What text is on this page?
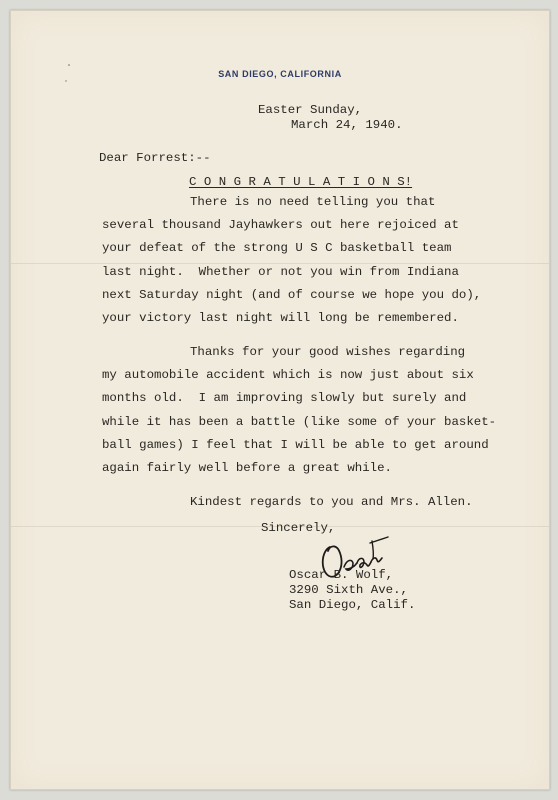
SAN DIEGO, CALIFORNIA
Easter Sunday,
March 24, 1940.
Dear Forrest:--
C O N G R A T U L A T I O N S!
There is no need telling you that
several thousand Jayhawkers out here rejoiced at
your defeat of the strong U S C basketball team
last night.  Whether or not you win from Indiana
next Saturday night (and of course we hope you do),
your victory last night will long be remembered.
Thanks for your good wishes regarding
my automobile accident which is now just about six
months old.  I am improving slowly but surely and
while it has been a battle (like some of your basket-
ball games) I feel that I will be able to get around
again fairly well before a great while.
Kindest regards to you and Mrs. Allen.
Sincerely,
Oscar B. Wolf,
3290 Sixth Ave.,
San Diego, Calif.
